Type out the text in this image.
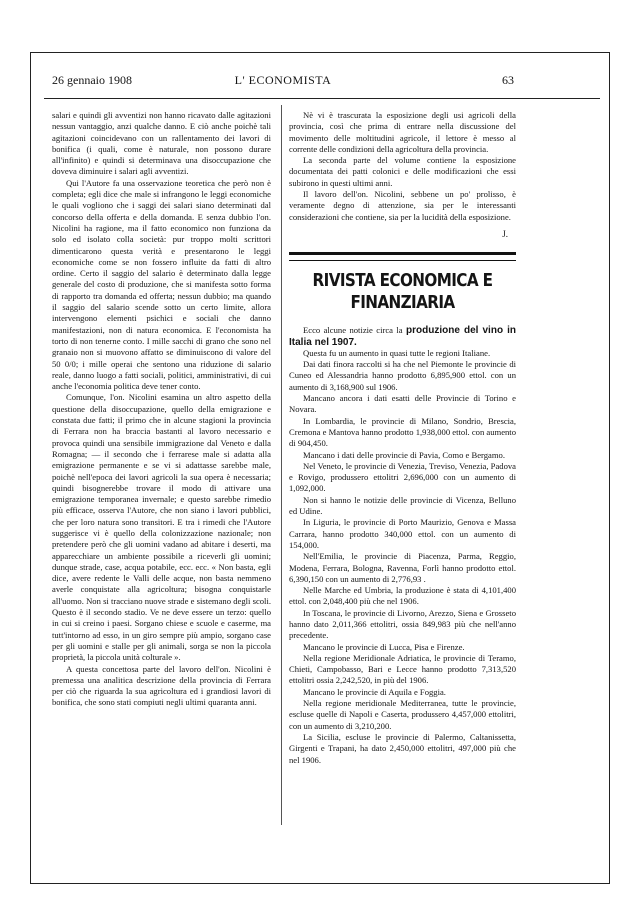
26 gennaio 1908	L' ECONOMISTA	63

salari e quindi gli avventizi non hanno ricavato dalle agitazioni nessun vantaggio, anzi qualche danno. E ciò anche poichè tali agitazioni coincidevano con un rallentamento dei lavori di bonifica (i quali, come è naturale, non possono durare all'infinito) e quindi si determinava una disoccupazione che doveva diminuire i salari agli avventizi.

Qui l'Autore fa una osservazione teoretica che però non è completa; egli dice che male si infrangono le leggi economiche le quali vogliono che i saggi dei salari siano determinati dal concorso della offerta e della domanda. E senza dubbio l'on. Nicolini ha ragione, ma il fatto economico non funziona da solo ed isolato colla società: pur troppo molti scrittori dimenticarono questa verità e presentarono le leggi economiche come se non fossero influite da fatti di altro ordine. Certo il saggio del salario è determinato dalla legge generale del costo di produzione, che si manifesta sotto forma di rapporto tra domanda ed offerta; nessun dubbio; ma quando il saggio del salario scende sotto un certo limite, allora intervengono elementi psichici e sociali che danno manifestazioni, non di natura economica. E l'economista ha torto di non tenerne conto. I mille sacchi di grano che sono nel granaio non si muovono affatto se diminuiscono di valore del 50 0/0; i mille operai che sentono una riduzione di salario reale, danno luogo a fatti sociali, politici, amministrativi, di cui anche l'economia politica deve tener conto.

Comunque, l'on. Nicolini esamina un altro aspetto della questione della disoccupazione, quello della emigrazione e constata due fatti; il primo che in alcune stagioni la provincia di Ferrara non ha braccia bastanti al lavoro necessario e provoca quindi una sensibile immigrazione dal Veneto e dalla Romagna; — il secondo che i ferrarese male si adatta alla emigrazione permanente e se vi si adattasse sarebbe male, poichè nell'epoca dei lavori agricoli la sua opera è necessaria; quindi bisognerebbe trovare il modo di attivare una emigrazione temporanea invernale; e questo sarebbe rimedio più efficace, osserva l'Autore, che non siano i lavori pubblici, che per loro natura sono transitori. E tra i rimedi che l'Autore suggerisce vi è quello della colonizzazione nazionale; non pretendere però che gli uomini vadano ad abitare i deserti, ma apparecchiare un ambiente possibile a riceverli gli uomini; dunque strade, case, acqua potabile, ecc. ecc. « Non basta, egli dice, avere redente le Valli delle acque, non basta nemmeno averle conquistate alla agricoltura; bisogna conquistarle all'uomo. Non si tracciano nuove strade e sistemano degli scoli. Questo è il secondo stadio. Ve ne deve essere un terzo: quello in cui si creino i paesi. Sorgano chiese e scuole e caserme, ma tutt'intorno ad esso, in un giro sempre più ampio, sorgano case per gli uomini e stalle per gli animali, sorga se non la piccola proprietà, la piccola unità colturale ».

A questa concettosa parte del lavoro dell'on. Nicolini è premessa una analitica descrizione della provincia di Ferrara per ciò che riguarda la sua agricoltura ed i grandiosi lavori di bonifica, che sono stati compiuti negli ultimi quaranta anni.

Nè vi è trascurata la esposizione degli usi agricoli della provincia, così che prima di entrare nella discussione del movimento delle moltitudini agricole, il lettore è messo al corrente delle condizioni della agricoltura della provincia.

La seconda parte del volume contiene la esposizione documentata dei patti colonici e delle modificazioni che essi subirono in questi ultimi anni.

Il lavoro dell'on. Nicolini, sebbene un po' prolisso, è veramente degno di attenzione, sia per le interessanti considerazioni che contiene, sia per la lucidità della esposizione.

J.
RIVISTA ECONOMICA E FINANZIARIA

Ecco alcune notizie circa la produzione del vino in Italia nel 1907.

Questa fu un aumento in quasi tutte le regioni Italiane.

Dai dati finora raccolti si ha che nel Piemonte le provincie di Cuneo ed Alessandria hanno prodotto 6,895,900 ettol. con un aumento di 3,168,900 sul 1906.

Mancano ancora i dati esatti delle Provincie di Torino e Novara.

In Lombardia, le provincie di Milano, Sondrio, Brescia, Cremona e Mantova hanno prodotto 1,938,000 ettol. con aumento di 904,450.

Mancano i dati delle provincie di Pavia, Como e Bergamo.

Nel Veneto, le provincie di Venezia, Treviso, Venezia, Padova e Rovigo, produssero ettolitri 2,696,000 con un aumento di 1,092,000.

Non si hanno le notizie delle provincie di Vicenza, Belluno ed Udine.

In Liguria, le provincie di Porto Maurizio, Genova e Massa Carrara, hanno prodotto 340,000 ettol. con un aumento di 154,000.

Nell'Emilia, le provincie di Piacenza, Parma, Reggio, Modena, Ferrara, Bologna, Ravenna, Forlì hanno prodotto ettol. 6,390,150 con un aumento di 2,776,93 .

Nelle Marche ed Umbria, la produzione è stata di 4,101,400 ettol. con 2,048,400 più che nel 1906.

In Toscana, le provincie di Livorno, Arezzo, Siena e Grosseto hanno dato 2,011,366 ettolitri, ossia 849,983 più che nell'anno precedente.

Mancano le provincie di Lucca, Pisa e Firenze.

Nella regione Meridionale Adriatica, le provincie di Teramo, Chieti, Campobasso, Bari e Lecce hanno prodotto 7,313,520 ettolitri ossia 2,242,520, in più del 1906.

Mancano le provincie di Aquila e Foggia.

Nella regione meridionale Mediterranea, tutte le provincie, escluse quelle di Napoli e Caserta, produssero 4,457,000 ettolitri, con un aumento di 3,210,200.

La Sicilia, escluse le provincie di Palermo, Caltanissetta, Girgenti e Trapani, ha dato 2,450,000 ettolitri, 497,000 più che nel 1906.
